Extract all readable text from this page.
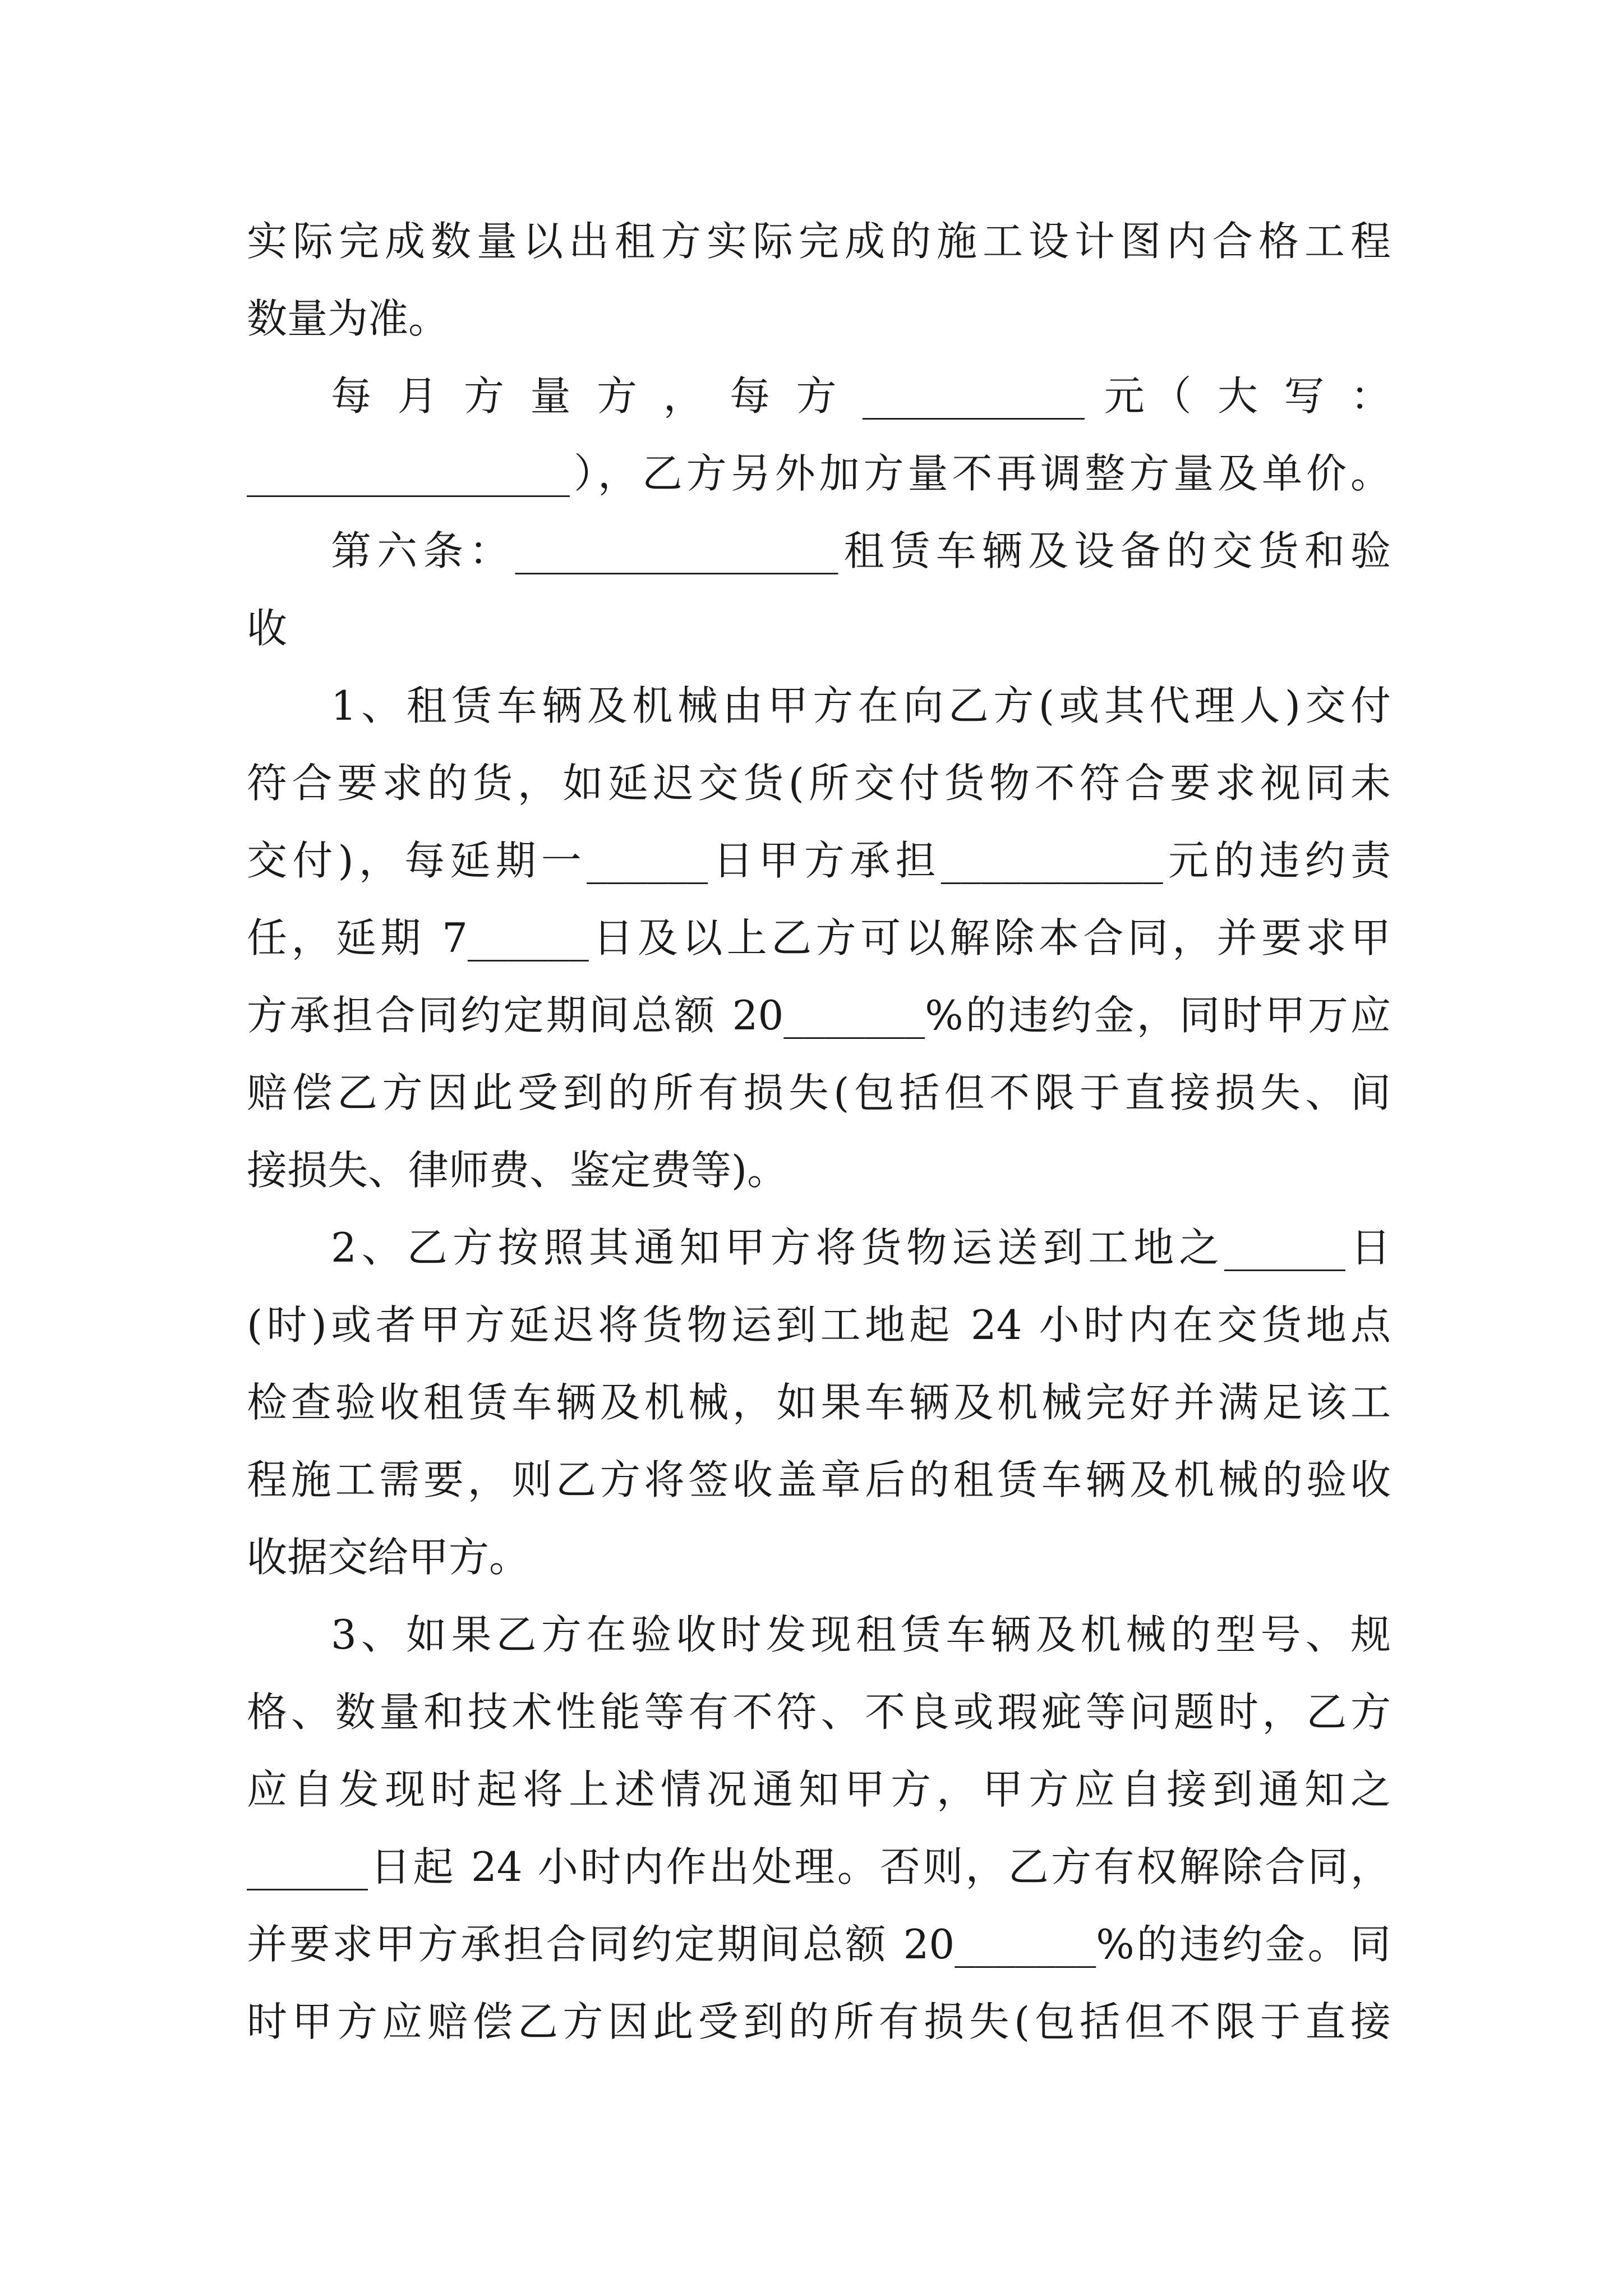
实际完成数量以出租方实际完成的施工设计图内合格工程
数量为准。
每 月 方 量 方 ， 每 方 ___________ 元（ 大 写 ：
________________），乙方另外加方量不再调整方量及单价。
第六条：________________租赁车辆及设备的交货和验
收
1、租赁车辆及机械由甲方在向乙方(或其代理人)交付
符合要求的货，如延迟交货(所交付货物不符合要求视同未
交付)，每延期一______日甲方承担___________元的违约责
任，延期 7______日及以上乙方可以解除本合同，并要求甲
方承担合同约定期间总额 20_______%的违约金，同时甲万应
赔偿乙方因此受到的所有损失(包括但不限于直接损失、间
接损失、律师费、鉴定费等)。
2、乙方按照其通知甲方将货物运送到工地之______日
(时)或者甲方延迟将货物运到工地起 24 小时内在交货地点
检查验收租赁车辆及机械，如果车辆及机械完好并满足该工
程施工需要，则乙方将签收盖章后的租赁车辆及机械的验收
收据交给甲方。
3、如果乙方在验收时发现租赁车辆及机械的型号、规
格、数量和技术性能等有不符、不良或瑕疵等问题时，乙方
应自发现时起将上述情况通知甲方，甲方应自接到通知之
______日起 24 小时内作出处理。否则，乙方有权解除合同，
并要求甲方承担合同约定期间总额 20_______%的违约金。同
时甲方应赔偿乙方因此受到的所有损失(包括但不限于直接
